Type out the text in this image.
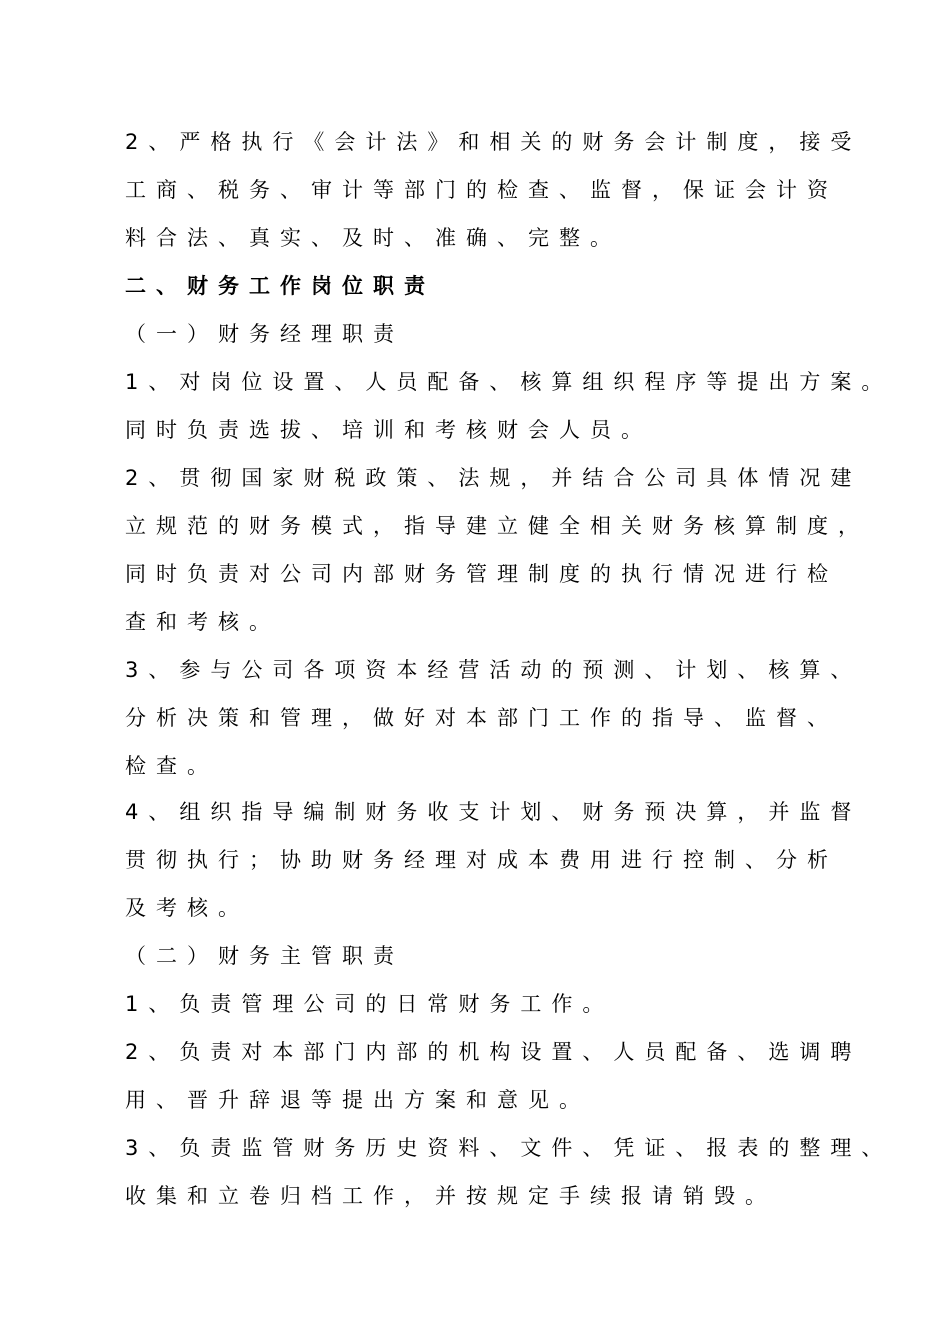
2、严格执行《会计法》和相关的财务会计制度，接受
工商、税务、审计等部门的检查、监督，保证会计资
料合法、真实、及时、准确、完整。
二、财务工作岗位职责
（一）财务经理职责
1、对岗位设置、人员配备、核算组织程序等提出方案。
同时负责选拔、培训和考核财会人员。
2、贯彻国家财税政策、法规，并结合公司具体情况建
立规范的财务模式，指导建立健全相关财务核算制度，
同时负责对公司内部财务管理制度的执行情况进行检
查和考核。
3、参与公司各项资本经营活动的预测、计划、核算、
分析决策和管理，做好对本部门工作的指导、监督、
检查。
4、组织指导编制财务收支计划、财务预决算，并监督
贯彻执行；协助财务经理对成本费用进行控制、分析
及考核。
（二）财务主管职责
1、负责管理公司的日常财务工作。
2、负责对本部门内部的机构设置、人员配备、选调聘
用、晋升辞退等提出方案和意见。
3、负责监管财务历史资料、文件、凭证、报表的整理、
收集和立卷归档工作，并按规定手续报请销毁。
